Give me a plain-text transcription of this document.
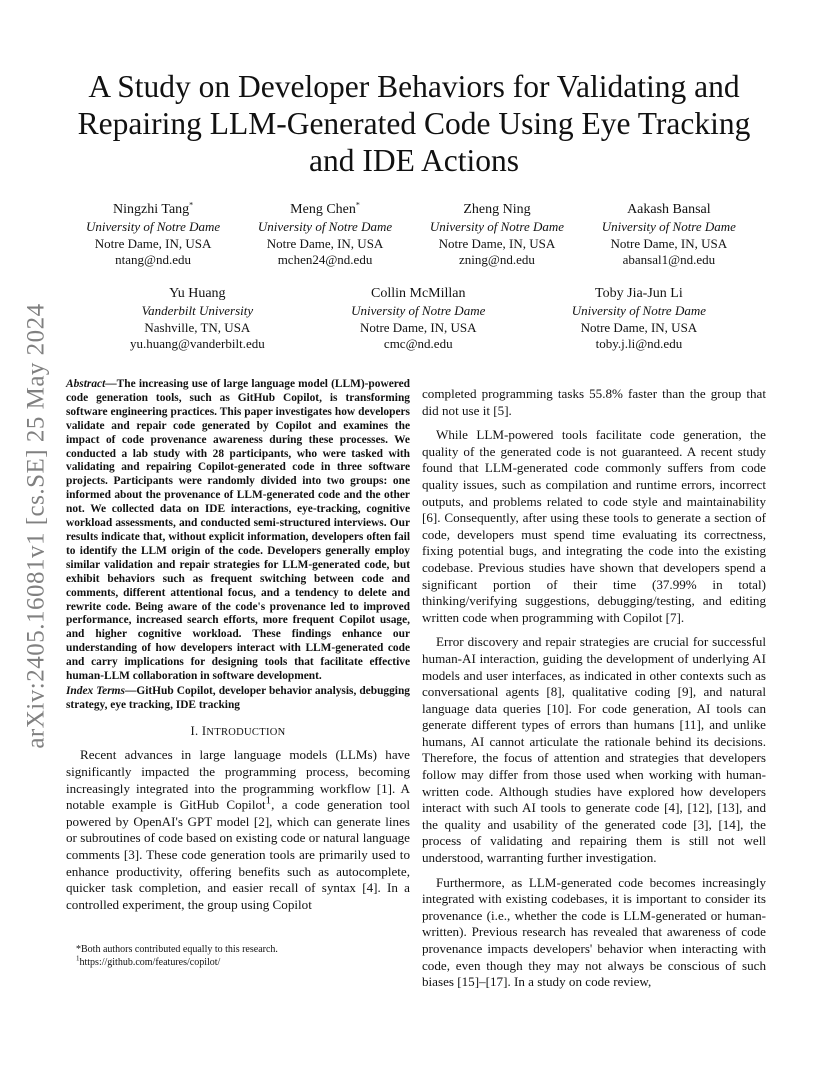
arXiv:2405.16081v1 [cs.SE] 25 May 2024
A Study on Developer Behaviors for Validating and Repairing LLM-Generated Code Using Eye Tracking and IDE Actions
Ningzhi Tang*
University of Notre Dame
Notre Dame, IN, USA
ntang@nd.edu
Meng Chen*
University of Notre Dame
Notre Dame, IN, USA
mchen24@nd.edu
Zheng Ning
University of Notre Dame
Notre Dame, IN, USA
zning@nd.edu
Aakash Bansal
University of Notre Dame
Notre Dame, IN, USA
abansal1@nd.edu
Yu Huang
Vanderbilt University
Nashville, TN, USA
yu.huang@vanderbilt.edu
Collin McMillan
University of Notre Dame
Notre Dame, IN, USA
cmc@nd.edu
Toby Jia-Jun Li
University of Notre Dame
Notre Dame, IN, USA
toby.j.li@nd.edu

Abstract—The increasing use of large language model (LLM)-powered code generation tools, such as GitHub Copilot, is transforming software engineering practices. This paper investigates how developers validate and repair code generated by Copilot and examines the impact of code provenance awareness during these processes. We conducted a lab study with 28 participants, who were tasked with validating and repairing Copilot-generated code in three software projects. Participants were randomly divided into two groups: one informed about the provenance of LLM-generated code and the other not. We collected data on IDE interactions, eye-tracking, cognitive workload assessments, and conducted semi-structured interviews. Our results indicate that, without explicit information, developers often fail to identify the LLM origin of the code. Developers generally employ similar validation and repair strategies for LLM-generated code, but exhibit behaviors such as frequent switching between code and comments, different attentional focus, and a tendency to delete and rewrite code. Being aware of the code's provenance led to improved performance, increased search efforts, more frequent Copilot usage, and higher cognitive workload. These findings enhance our understanding of how developers interact with LLM-generated code and carry implications for designing tools that facilitate effective human-LLM collaboration in software development.

Index Terms—GitHub Copilot, developer behavior analysis, debugging strategy, eye tracking, IDE tracking

I. INTRODUCTION

Recent advances in large language models (LLMs) have significantly impacted the programming process, becoming increasingly integrated into the programming workflow [1]. A notable example is GitHub Copilot$^1$, a code generation tool powered by OpenAI's GPT model [2], which can generate lines or subroutines of code based on existing code or natural language comments [3]. These code generation tools are primarily used to enhance productivity, offering benefits such as autocomplete, quicker task completion, and easier recall of syntax [4]. In a controlled experiment, the group using Copilot

*Both authors contributed equally to this research.
$^1$https://github.com/features/copilot/

completed programming tasks 55.8% faster than the group that did not use it [5].

While LLM-powered tools facilitate code generation, the quality of the generated code is not guaranteed. A recent study found that LLM-generated code commonly suffers from code quality issues, such as compilation and runtime errors, incorrect outputs, and problems related to code style and maintainability [6]. Consequently, after using these tools to generate a section of code, developers must spend time evaluating its correctness, fixing potential bugs, and integrating the code into the existing codebase. Previous studies have shown that developers spend a significant portion of their time (37.99% in total) thinking/verifying suggestions, debugging/testing, and editing written code when programming with Copilot [7].

Error discovery and repair strategies are crucial for successful human-AI interaction, guiding the development of underlying AI models and user interfaces, as indicated in other contexts such as conversational agents [8], qualitative coding [9], and natural language data queries [10]. For code generation, AI tools can generate different types of errors than humans [11], and unlike humans, AI cannot articulate the rationale behind its decisions. Therefore, the focus of attention and strategies that developers follow may differ from those used when working with human-written code. Although studies have explored how developers interact with such AI tools to generate code [4], [12], [13], and the quality and usability of the generated code [3], [14], the process of validating and repairing them is still not well understood, warranting further investigation.

Furthermore, as LLM-generated code becomes increasingly integrated with existing codebases, it is important to consider its provenance (i.e., whether the code is LLM-generated or human-written). Previous research has revealed that awareness of code provenance impacts developers' behavior when interacting with code, even though they may not always be conscious of such biases [15]–[17]. In a study on code review,
